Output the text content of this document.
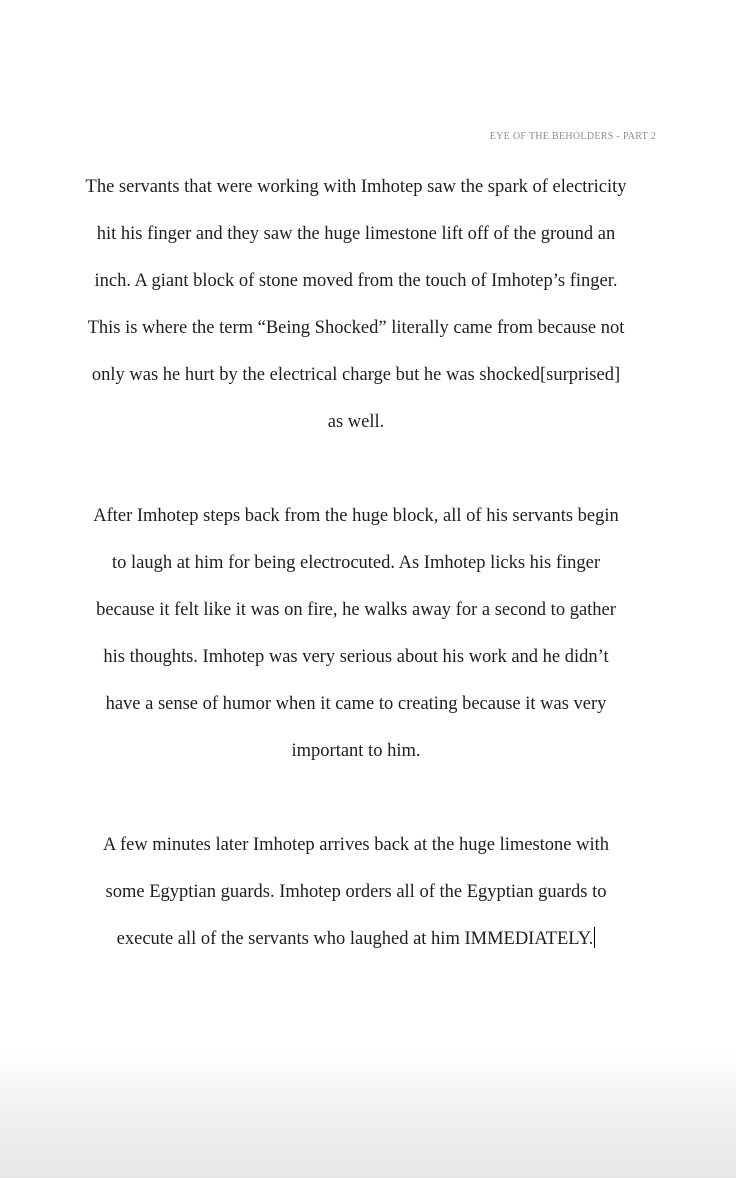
EYE OF THE BEHOLDERS - PART 2

The servants that were working with Imhotep saw the spark of electricity
hit his finger and they saw the huge limestone lift off of the ground an
inch. A giant block of stone moved from the touch of Imhotep’s finger.
This is where the term “Being Shocked” literally came from because not
only was he hurt by the electrical charge but he was shocked[surprised]
as well.

After Imhotep steps back from the huge block, all of his servants begin
to laugh at him for being electrocuted. As Imhotep licks his finger
because it felt like it was on fire, he walks away for a second to gather
his thoughts. Imhotep was very serious about his work and he didn’t
have a sense of humor when it came to creating because it was very
important to him.

A few minutes later Imhotep arrives back at the huge limestone with
some Egyptian guards. Imhotep orders all of the Egyptian guards to
execute all of the servants who laughed at him IMMEDIATELY.
